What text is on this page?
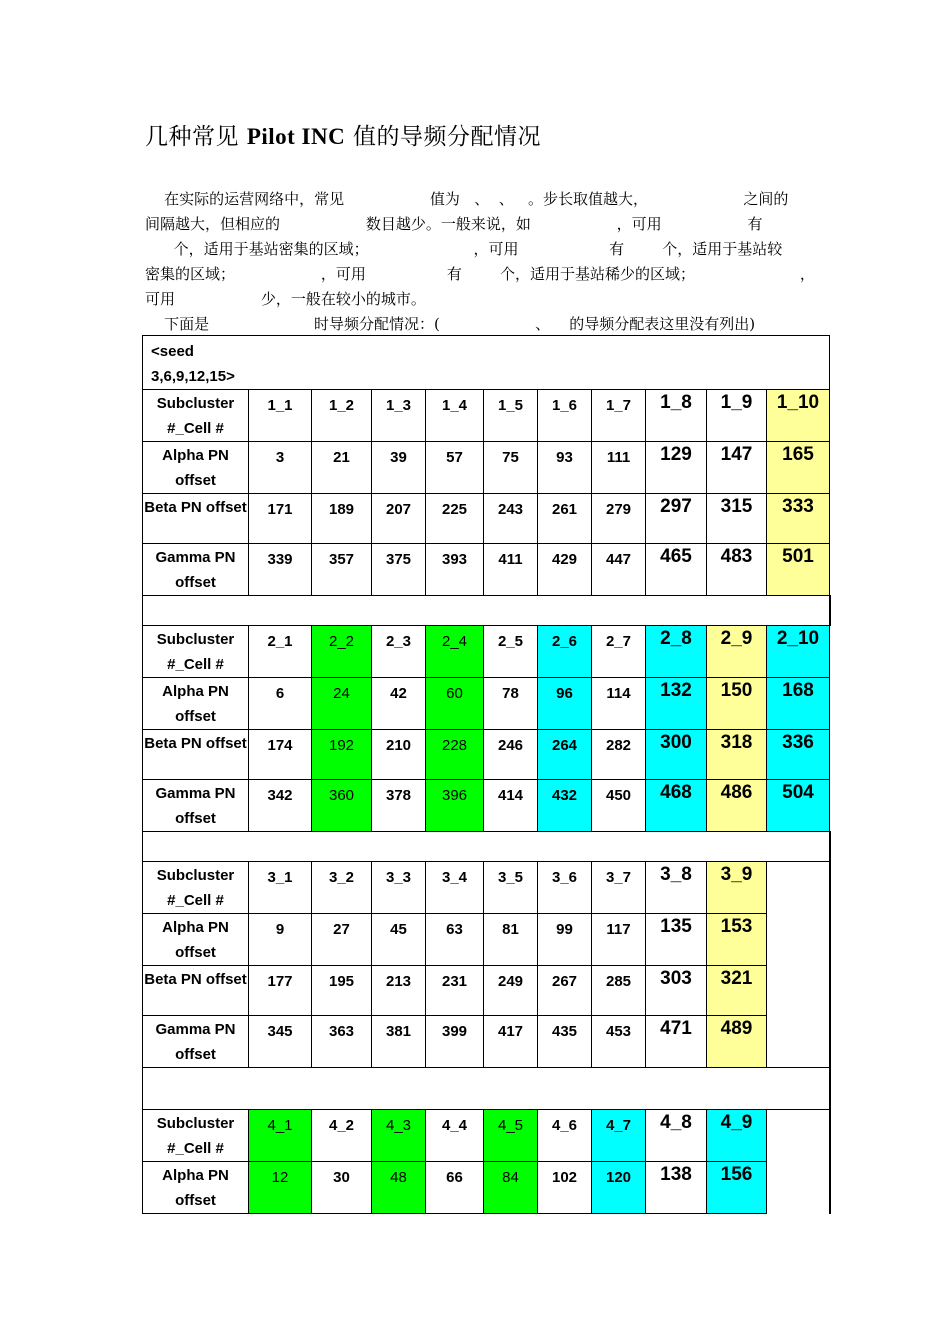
几种常见 Pilot INC 值的导频分配情况
在实际的运营网络中，常见                  值为   、  、   。步长取值越大，                    之间的
间隔越大，但相应的                  数目越少。一般来说，如                  ，可用                  有
个，适用于基站密集的区域；                      ，可用                   有        个，适用于基站较
密集的区域；                  ，可用                 有        个，适用于基站稀少的区域；                      ，
可用                  少，一般在较小的城市。
下面是                      时导频分配情况：(                    、    的导频分配表这里没有列出)
<seed 3,6,9,12,15>										
Subcluster #_Cell #	1_1	1_2	1_3	1_4	1_5	1_6	1_7	1_8	1_9	1_10
Alpha PN offset	3	21	39	57	75	93	111	129	147	165
Beta PN offset	171	189	207	225	243	261	279	297	315	333
Gamma PN offset	339	357	375	393	411	429	447	465	483	501

Subcluster #_Cell #	2_1	2_2	2_3	2_4	2_5	2_6	2_7	2_8	2_9	2_10
Alpha PN offset	6	24	42	60	78	96	114	132	150	168
Beta PN offset	174	192	210	228	246	264	282	300	318	336
Gamma PN offset	342	360	378	396	414	432	450	468	486	504

Subcluster #_Cell #	3_1	3_2	3_3	3_4	3_5	3_6	3_7	3_8	3_9	
Alpha PN offset	9	27	45	63	81	99	117	135	153	
Beta PN offset	177	195	213	231	249	267	285	303	321	
Gamma PN offset	345	363	381	399	417	435	453	471	489	

Subcluster #_Cell #	4_1	4_2	4_3	4_4	4_5	4_6	4_7	4_8	4_9	
Alpha PN offset	12	30	48	66	84	102	120	138	156	
